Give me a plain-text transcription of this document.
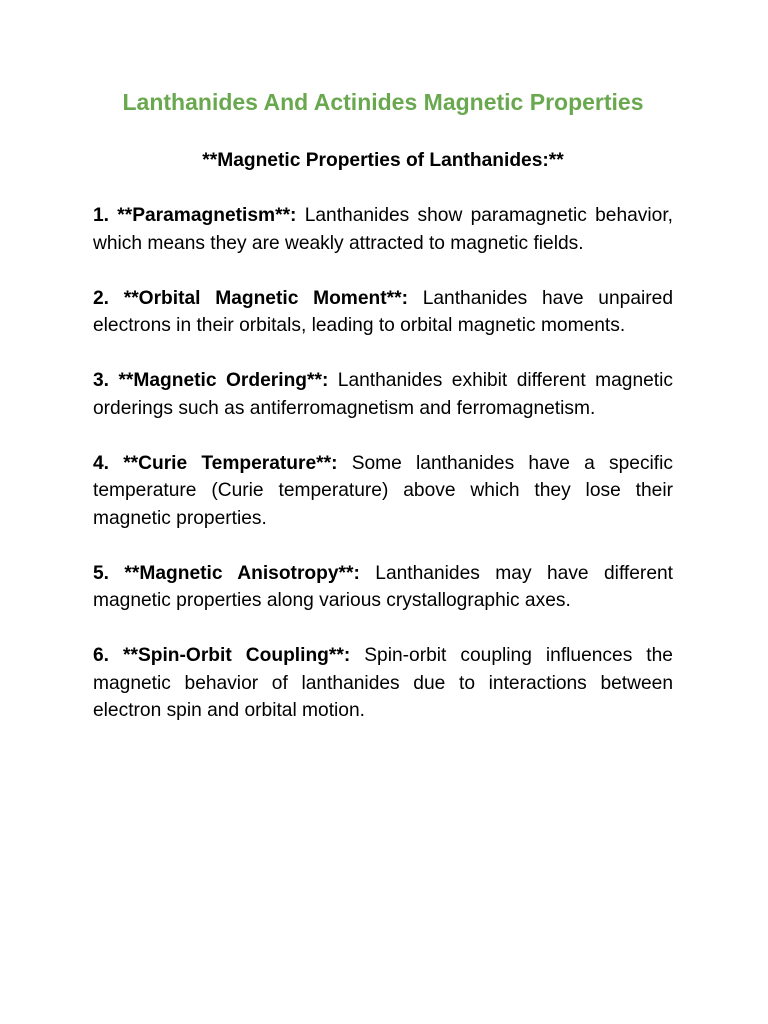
Lanthanides And Actinides Magnetic Properties
**Magnetic Properties of Lanthanides:**
1. **Paramagnetism**: Lanthanides show paramagnetic behavior, which means they are weakly attracted to magnetic fields.
2. **Orbital Magnetic Moment**: Lanthanides have unpaired electrons in their orbitals, leading to orbital magnetic moments.
3. **Magnetic Ordering**: Lanthanides exhibit different magnetic orderings such as antiferromagnetism and ferromagnetism.
4. **Curie Temperature**: Some lanthanides have a specific temperature (Curie temperature) above which they lose their magnetic properties.
5. **Magnetic Anisotropy**: Lanthanides may have different magnetic properties along various crystallographic axes.
6. **Spin-Orbit Coupling**: Spin-orbit coupling influences the magnetic behavior of lanthanides due to interactions between electron spin and orbital motion.
